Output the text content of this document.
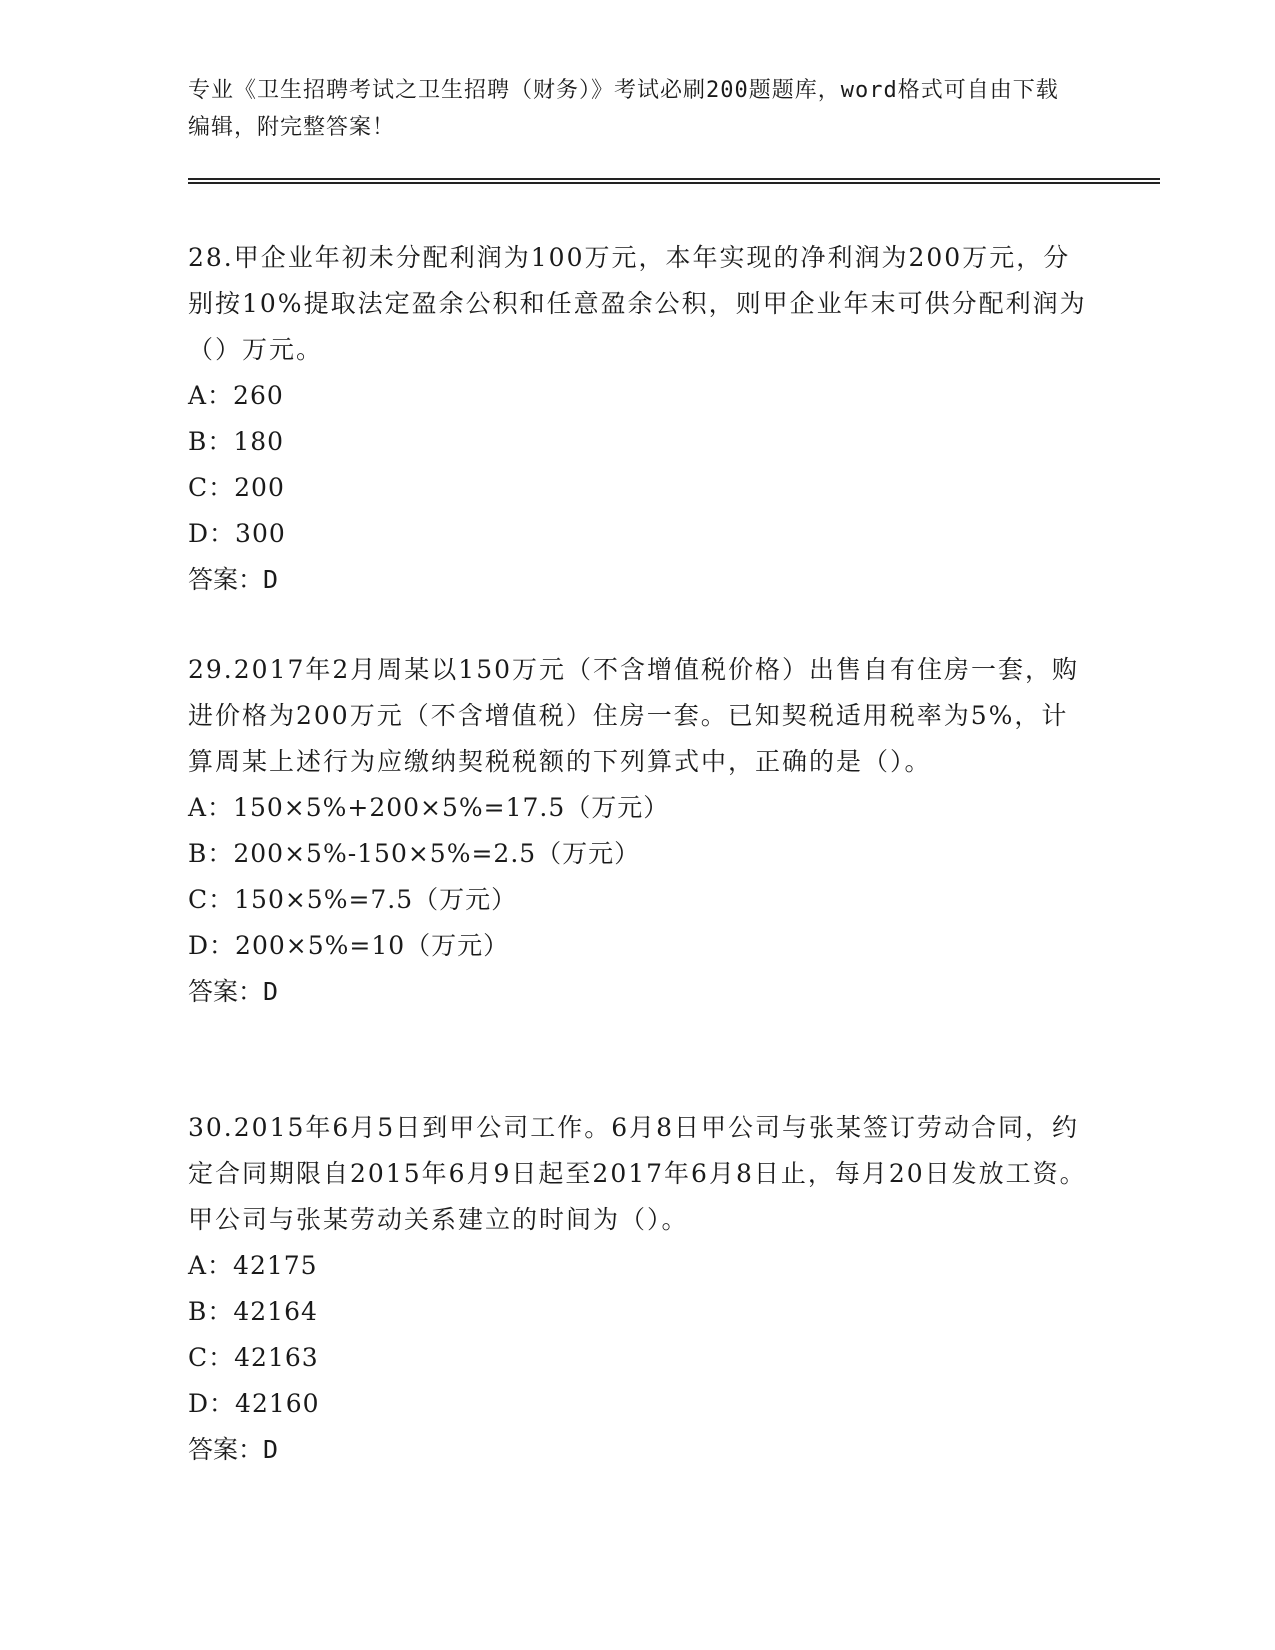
专业《卫生招聘考试之卫生招聘（财务）》考试必刷200题题库，word格式可自由下载编辑，附完整答案！

28.甲企业年初未分配利润为100万元，本年实现的净利润为200万元，分别按10%提取法定盈余公积和任意盈余公积，则甲企业年末可供分配利润为（）万元。

A：260

B：180

C：200

D：300

答案：D

29.2017年2月周某以150万元（不含增值税价格）出售自有住房一套，购进价格为200万元（不含增值税）住房一套。已知契税适用税率为5%，计算周某上述行为应缴纳契税税额的下列算式中，正确的是（）。

A：150×5%+200×5%=17.5（万元）

B：200×5%-150×5%=2.5（万元）

C：150×5%=7.5（万元）

D：200×5%=10（万元）

答案：D

30.2015年6月5日到甲公司工作。6月8日甲公司与张某签订劳动合同，约定合同期限自2015年6月9日起至2017年6月8日止，每月20日发放工资。甲公司与张某劳动关系建立的时间为（）。

A：42175

B：42164

C：42163

D：42160

答案：D
